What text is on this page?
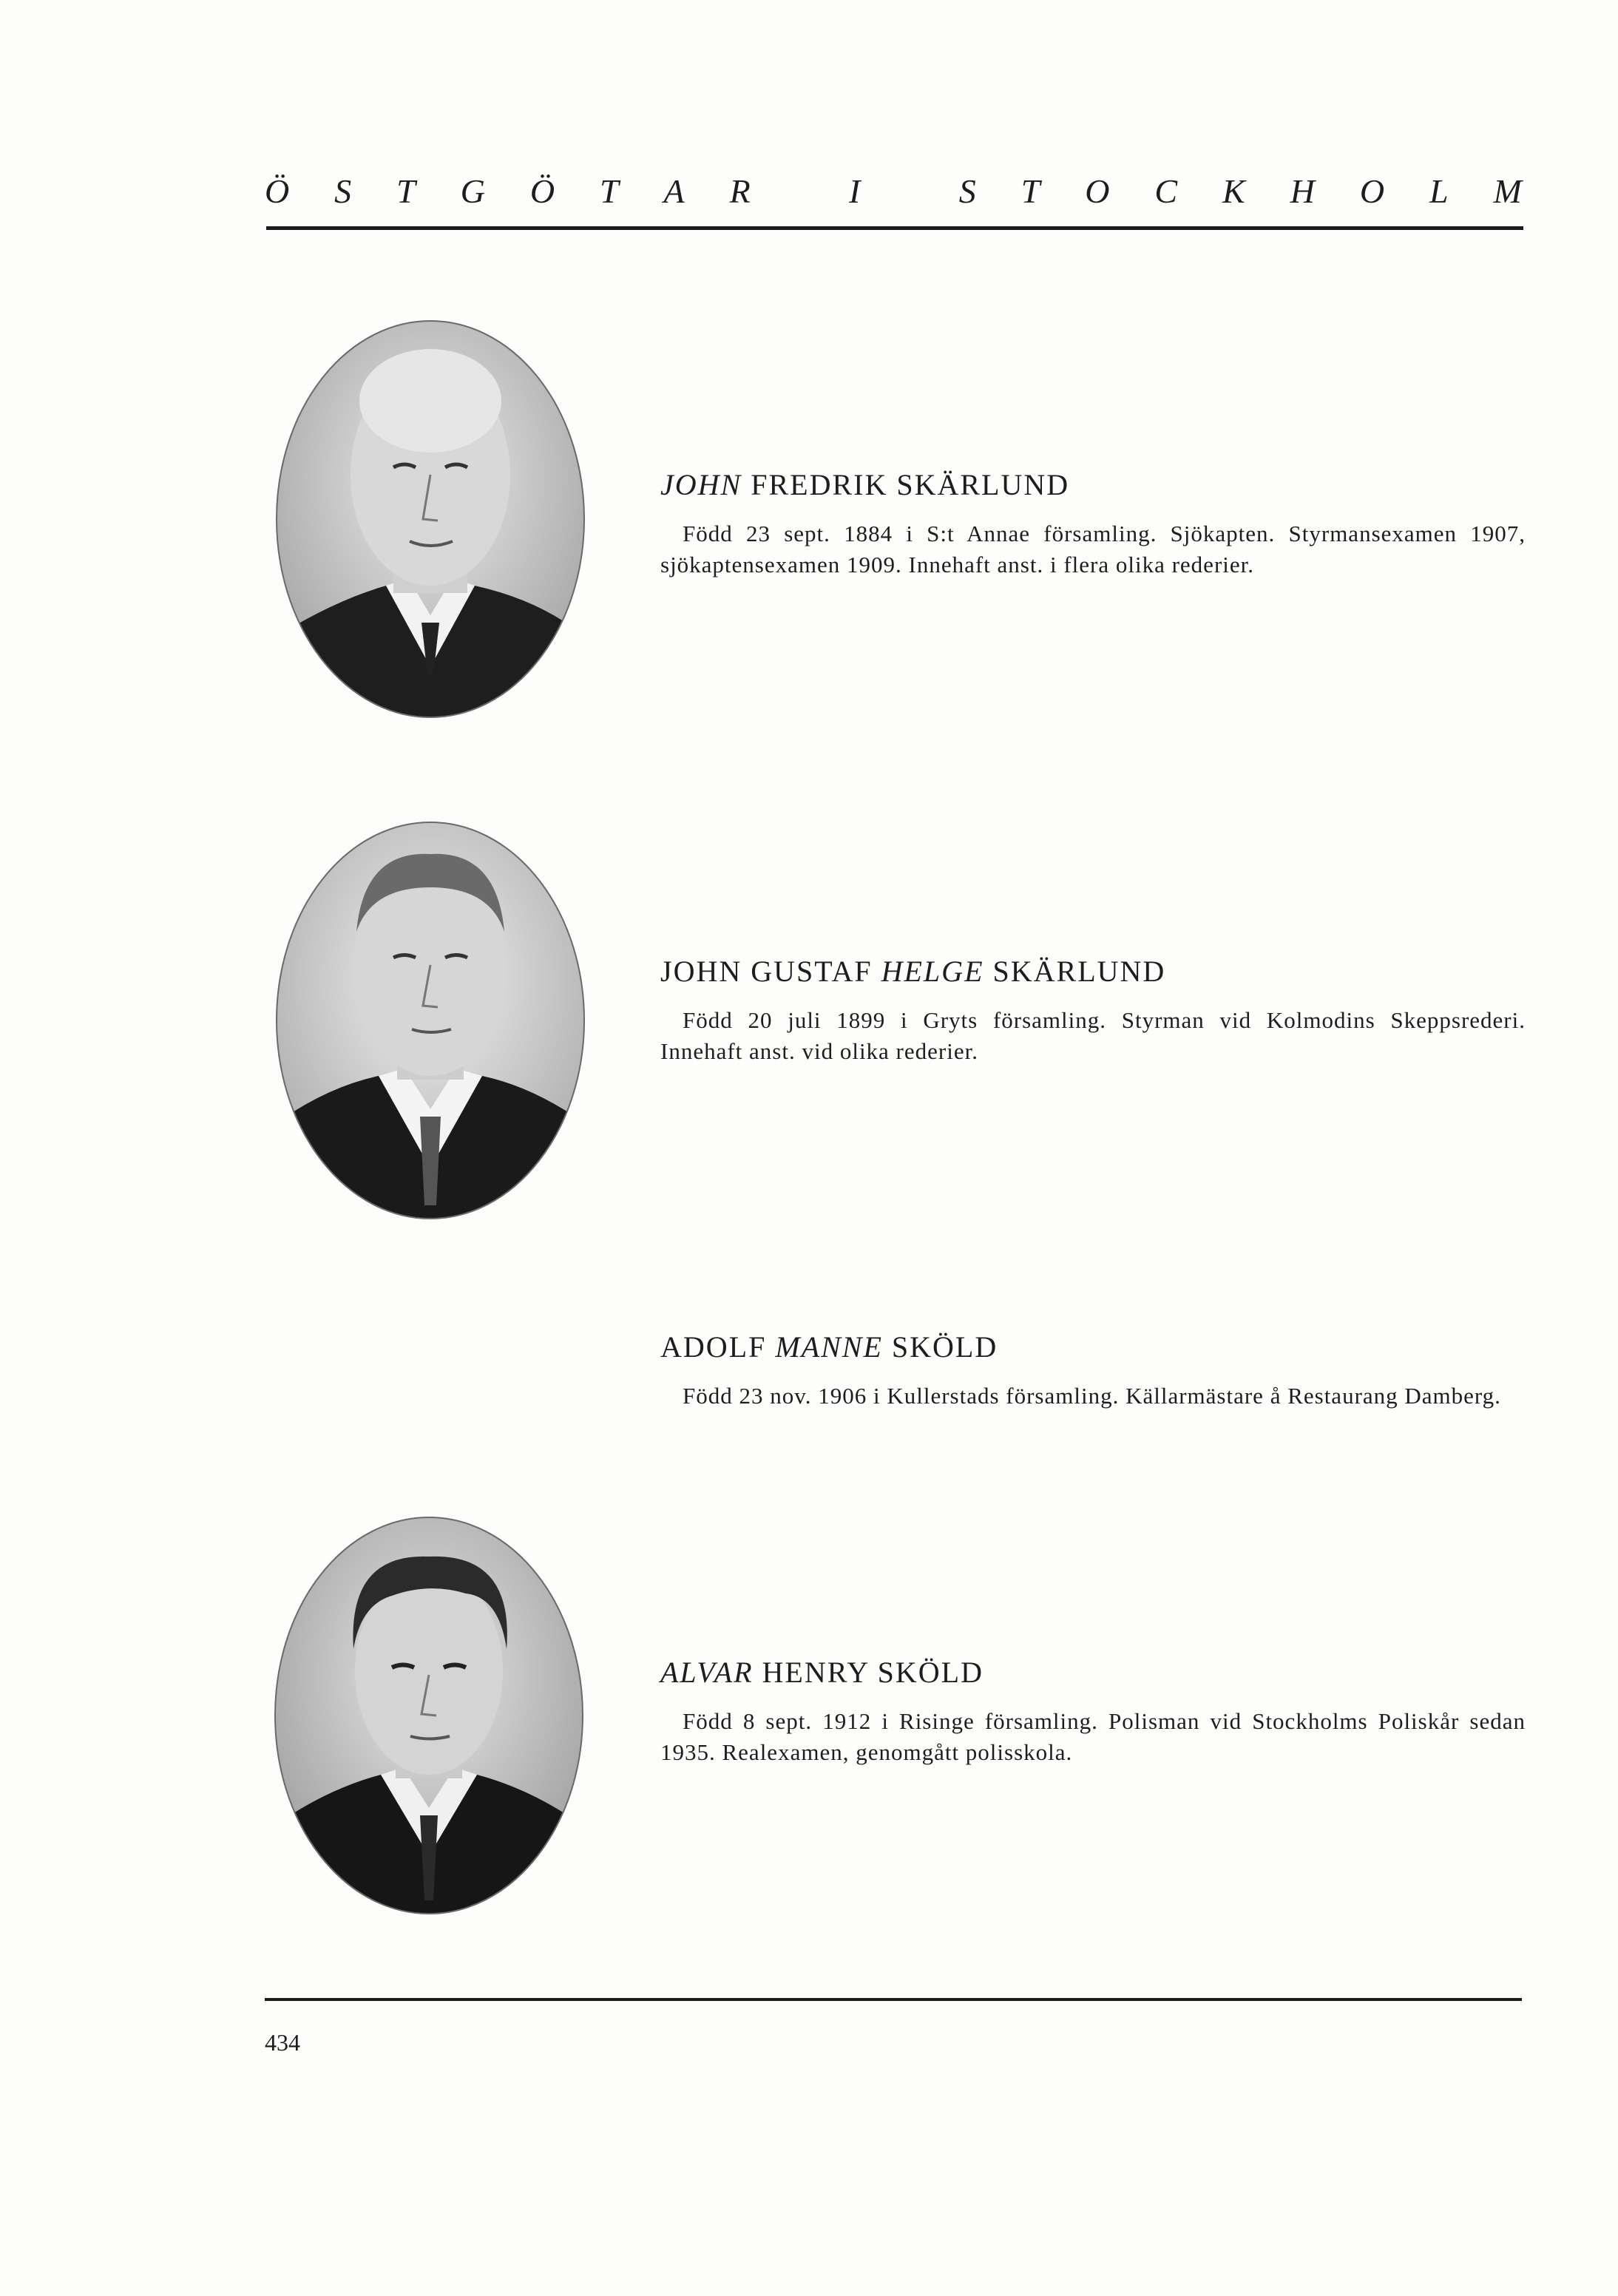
Ö S T G Ö T A R
	I
	S T O C K H O L M

JOHN FREDRIK SKÄRLUND

Född 23 sept. 1884 i S:t Annae församling. Sjökapten. Styrmansexamen 1907, sjökaptensexamen 1909. Innehaft anst. i flera olika rederier.

JOHN GUSTAF HELGE SKÄRLUND

Född 20 juli 1899 i Gryts församling. Styrman vid Kolmodins Skeppsrederi. Innehaft anst. vid olika rederier.

ADOLF MANNE SKÖLD

Född 23 nov. 1906 i Kullerstads församling. Källarmästare å Restaurang Damberg.

ALVAR HENRY SKÖLD

Född 8 sept. 1912 i Risinge församling. Polisman vid Stockholms Poliskår sedan 1935. Realexamen, genomgått polisskola.

434
